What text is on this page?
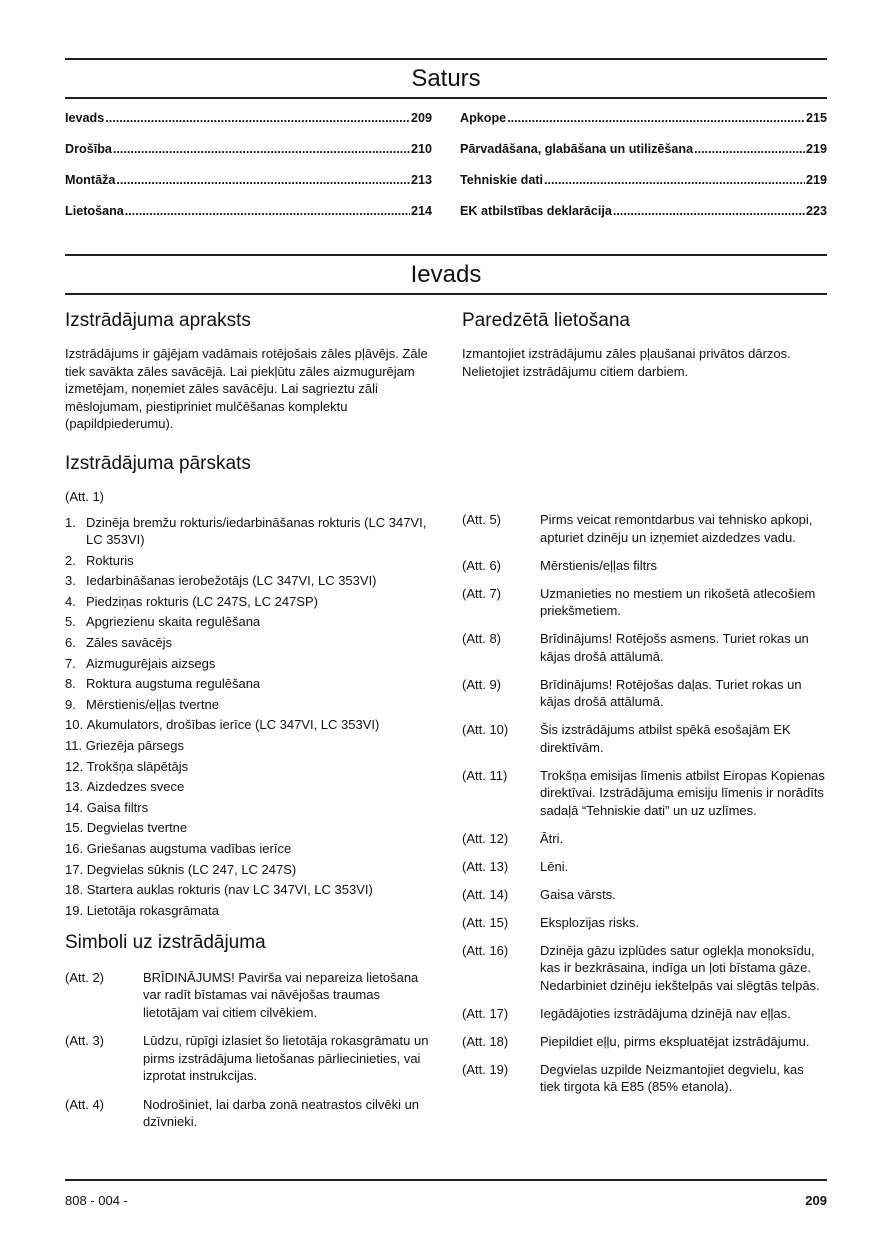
Saturs
Ievads .....	209
Drošība .....	210
Montāža .....	213
Lietošana .....	214
Apkope .....	215
Pārvadāšana, glabāšana un utilizēšana .....	219
Tehniskie dati .....	219
EK atbilstības deklarācija .....	223
Ievads
Izstrādājuma apraksts

Izstrādājums ir gājējam vadāmais rotējošais zāles pļāvējs. Zāle tiek savākta zāles savācējā. Lai piekļūtu zāles aizmugurējam izmetējam, noņemiet zāles savācēju. Lai sagrieztu zāli mēslojumam, piestipriniet mulčēšanas komplektu (papildpiederumu).

Izstrādājuma pārskats

(Att. 1)

1. Dzinēja bremžu rokturis/iedarbināšanas rokturis (LC 347VI, LC 353VI)
2. Rokturis
3. Iedarbināšanas ierobežotājs (LC 347VI, LC 353VI)
4. Piedziņas rokturis (LC 247S, LC 247SP)
5. Apgriezienu skaita regulēšana
6. Zāles savācējs
7. Aizmugurējais aizsegs
8. Roktura augstuma regulēšana
9. Mērstienis/eļļas tvertne
10.
Akumulators, drošības ierīce (LC 347VI, LC 353VI)
11.
Griezēja pārsegs
12.
Trokšņa slāpētājs
13.
Aizdedzes svece
14.
Gaisa filtrs
15.
Degvielas tvertne
16.
Griešanas augstuma vadības ierīce
17.
Degvielas sūknis (LC 247, LC 247S)
18.
Startera auklas rokturis (nav LC 347VI, LC 353VI)
19.
Lietotāja rokasgrāmata
Simboli uz izstrādājuma
(Att. 2)	BRĪDINĀJUMS! Pavirša vai nepareiza lietošana var radīt bīstamas vai nāvējošas traumas lietotājam vai citiem cilvēkiem.
(Att. 3)	Lūdzu, rūpīgi izlasiet šo lietotāja rokasgrāmatu un pirms izstrādājuma lietošanas pārliecinieties, vai izprotat instrukcijas.
(Att. 4)	Nodrošiniet, lai darba zonā neatrastos cilvēki un dzīvnieki.
Paredzētā lietošana

Izmantojiet izstrādājumu zāles pļaušanai privātos dārzos. Nelietojiet izstrādājumu citiem darbiem.

(Att. 5)	Pirms veicat remontdarbus vai tehnisko apkopi, apturiet dzinēju un izņemiet aizdedzes vadu.
(Att. 6)	Mērstienis/eļļas filtrs
(Att. 7)	Uzmanieties no mestiem un rikošetā atlecošiem priekšmetiem.
(Att. 8)	Brīdinājums! Rotējošs asmens. Turiet rokas un kājas drošā attālumā.
(Att. 9)	Brīdinājums! Rotējošas daļas. Turiet rokas un kājas drošā attālumā.
(Att. 10)	Šis izstrādājums atbilst spēkā esošajām EK direktīvām.
(Att. 11)	Trokšņa emisijas līmenis atbilst Eiropas Kopienas direktīvai. Izstrādājuma emisiju līmenis ir norādīts sadaļā “Tehniskie dati” un uz uzlīmes.
(Att. 12)	Ātri.
(Att. 13)	Lēni.
(Att. 14)	Gaisa vārsts.
(Att. 15)	Eksplozijas risks.
(Att. 16)	Dzinēja gāzu izplūdes satur oglekļa monoksīdu, kas ir bezkrāsaina, indīga un ļoti bīstama gāze. Nedarbiniet dzinēju iekštelpās vai slēgtās telpās.
(Att. 17)	Iegādājoties izstrādājuma dzinējā nav eļļas.
(Att. 18)	Piepildiet eļļu, pirms ekspluatējat izstrādājumu.
(Att. 19)	Degvielas uzpilde Neizmantojiet degvielu, kas tiek tirgota kā E85 (85% etanola).
808 - 004 -	209
